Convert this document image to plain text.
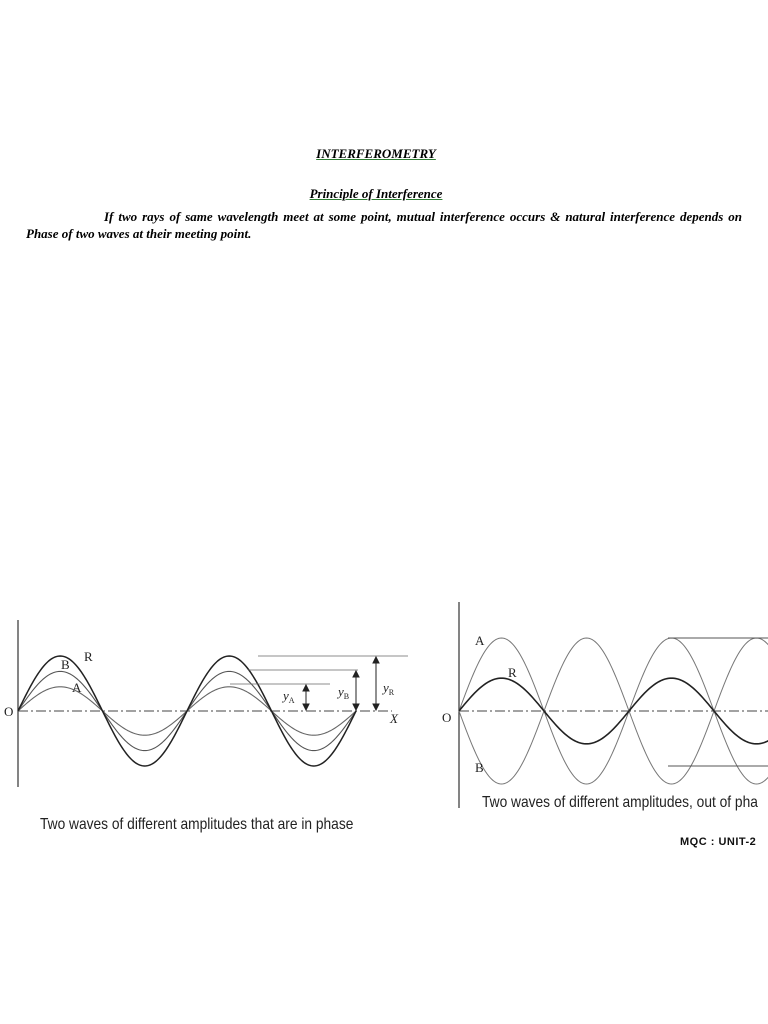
INTERFEROMETRY
Principle of Interference
If two rays of same wavelength meet at some point, mutual interference occurs & natural interference depends on Phase of two waves at their meeting point.
O	X
R
B
A
$y_A$
$y_B$
$y_R$
Two waves of different amplitudes that are in phase
O
A
R
B
Two waves of different amplitudes, out of pha
MQC : UNIT-2
